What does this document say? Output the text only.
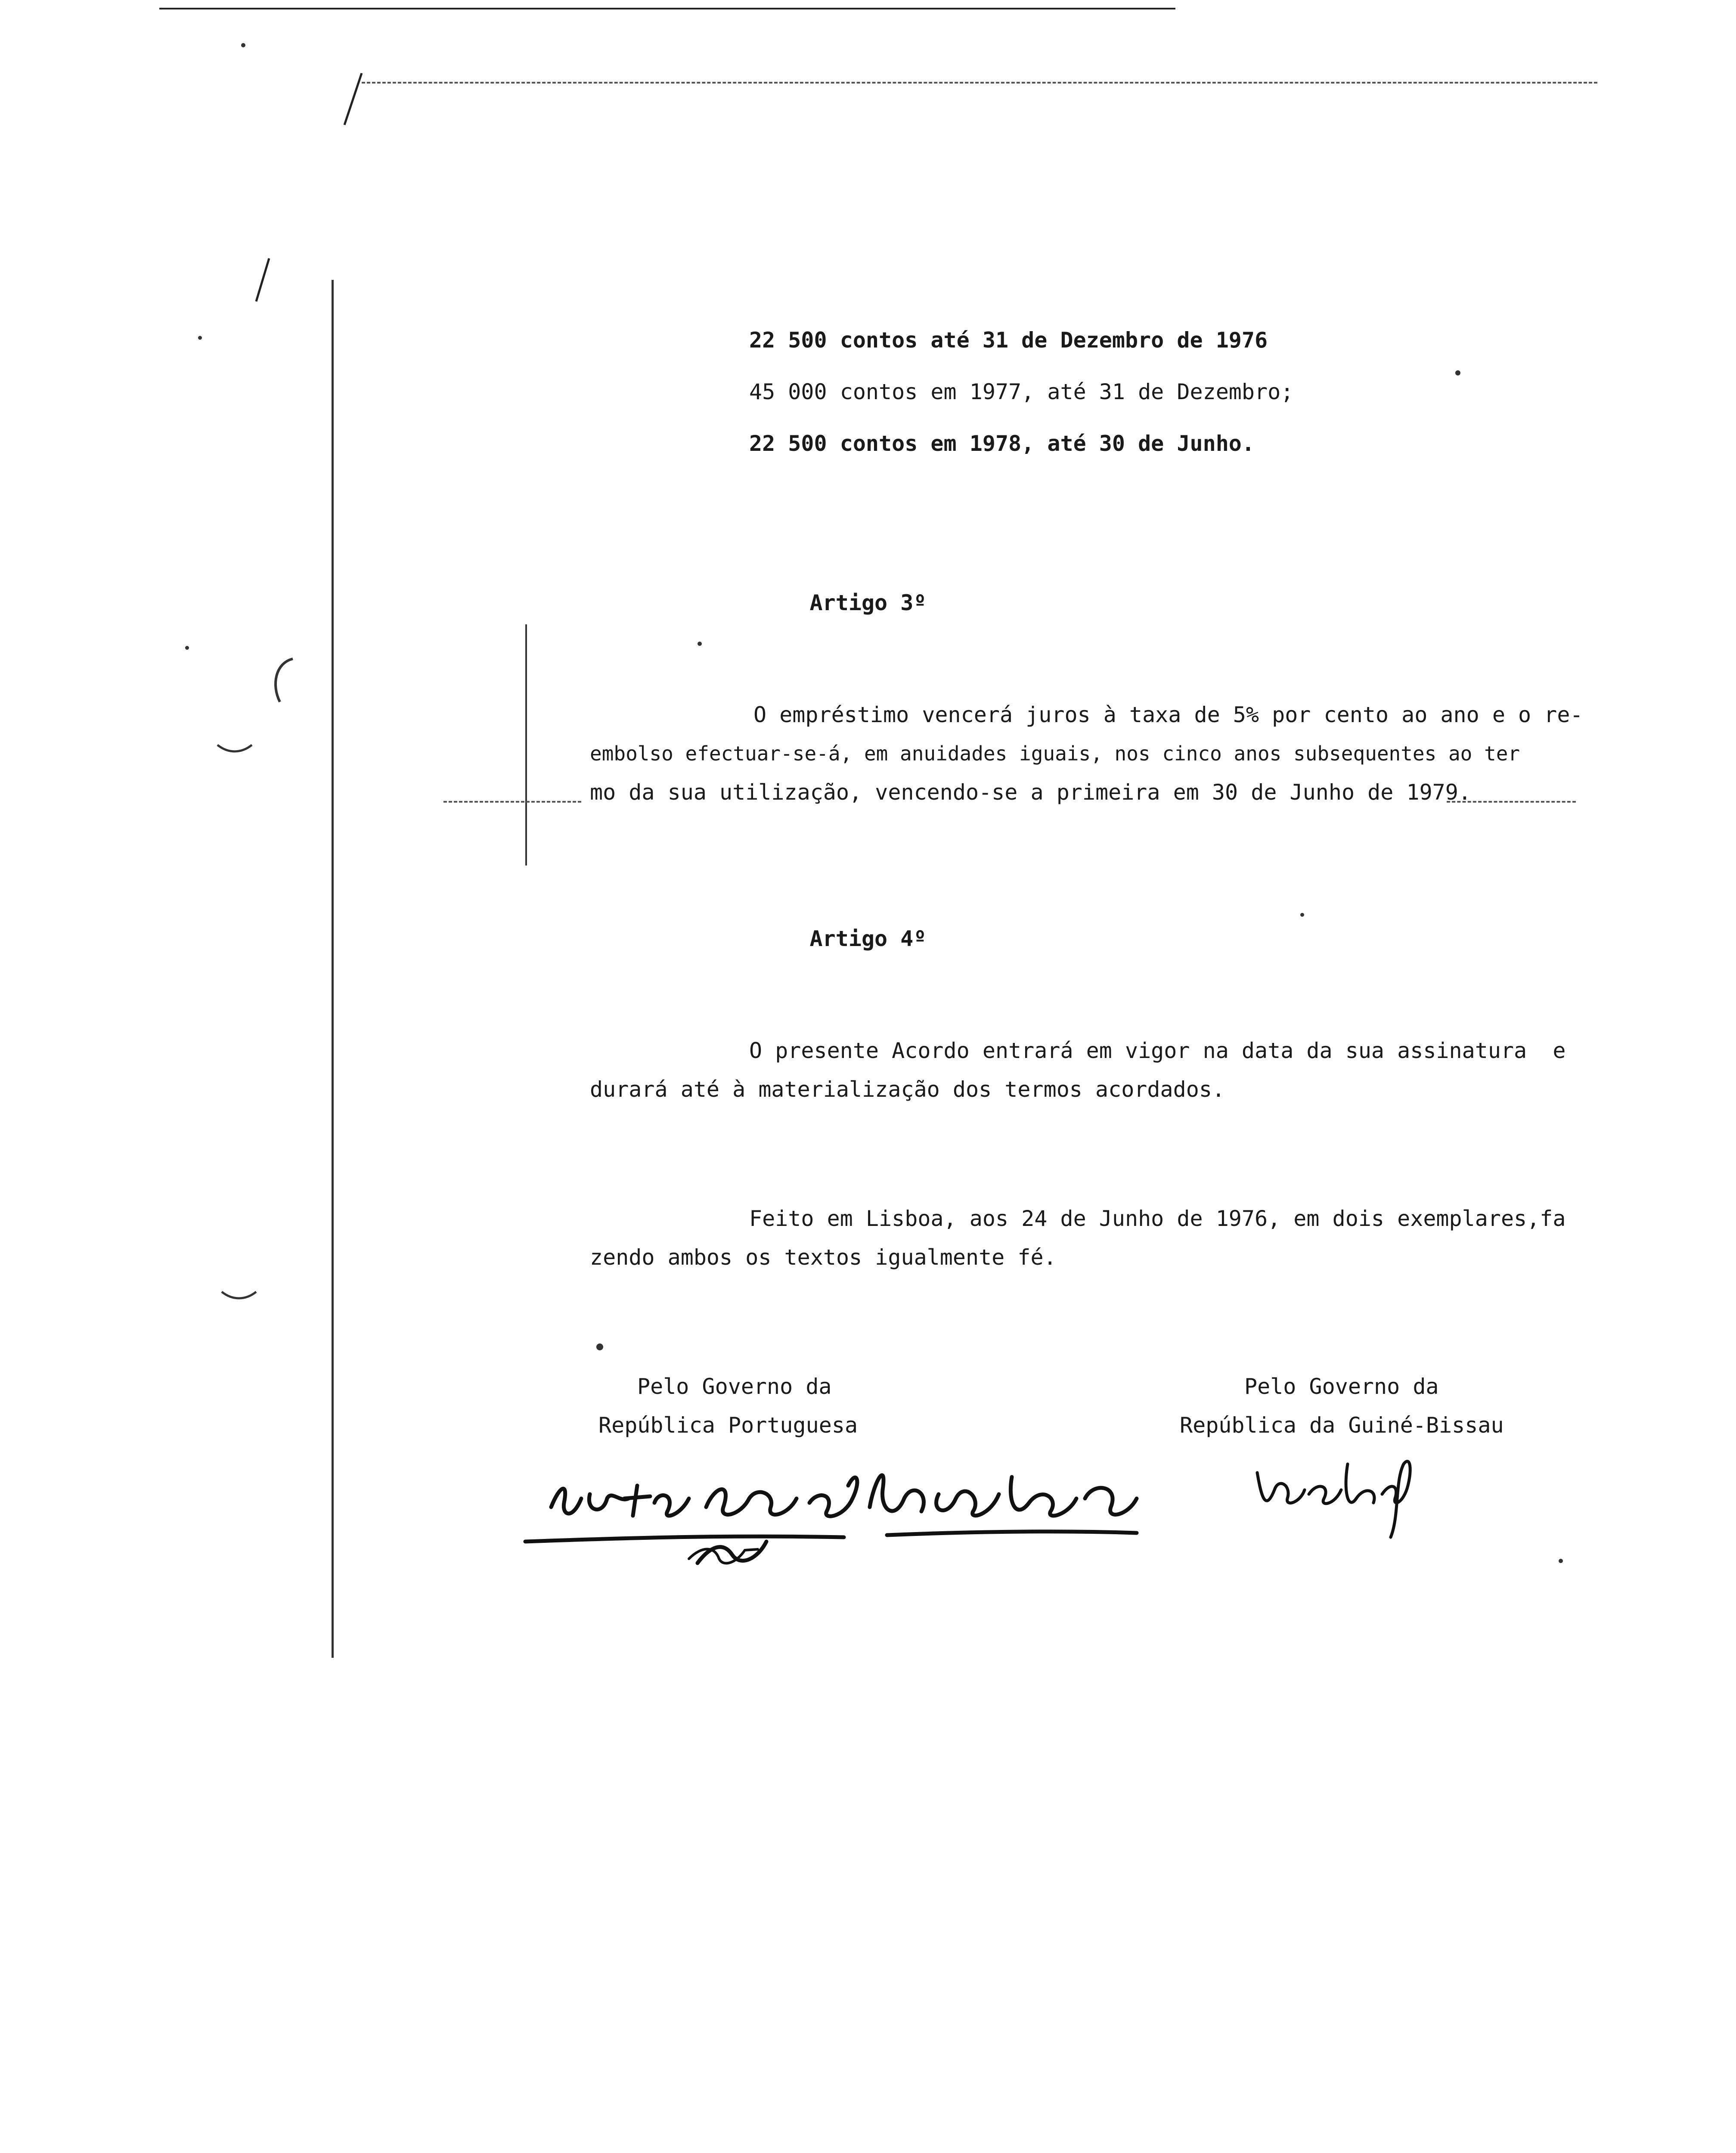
22 500 contos até 31 de Dezembro de 1976
45 000 contos em 1977, até 31 de Dezembro;
22 500 contos em 1978, até 30 de Junho.
Artigo 3º
O empréstimo vencerá juros à taxa de 5% por cento ao ano e o re-
embolso efectuar-se-á, em anuidades iguais, nos cinco anos subsequentes ao ter
mo da sua utilização, vencendo-se a primeira em 30 de Junho de 1979.
Artigo 4º
O presente Acordo entrará em vigor na data da sua assinatura  e
durará até à materialização dos termos acordados.
Feito em Lisboa, aos 24 de Junho de 1976, em dois exemplares,fa
zendo ambos os textos igualmente fé.
Pelo Governo da
República Portuguesa
Pelo Governo da
República da Guiné-Bissau
